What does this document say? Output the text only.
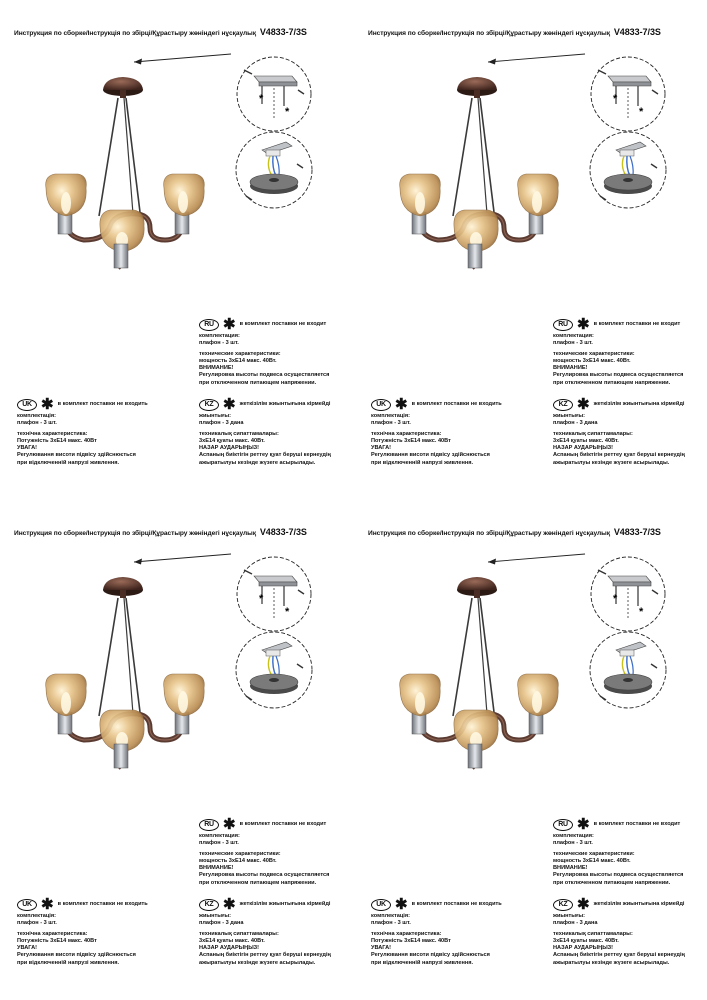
Инструкция по сборке/Інструкція по збірці/Құрастыру жөніндегі нұсқаулық V4833-7/3S
*
*
RU ✱ в комплект поставки не входит

комплектация:

плафон - 3 шт.

технические характеристики:

мощность 3хЕ14 макс. 40Вт.

ВНИМАНИЕ!

Регулировка высоты подвеса осуществляется

при отключенном питающем напряжении.

UK ✱ в комплект поставки не входить

комплектація:

плафон - 3 шт.

технічна характеристика:

Потужність 3хЕ14 макс. 40Вт

УВАГА!

Регулювання висоти підвісу здійснюється

при відключенній напрузі живлення.

KZ ✱ жеткізілім жиынтығына кірмейді

жиынтығы:

плафон - 3 дана

техникалық сипаттамалары:

3хЕ14 қуаты макс. 40Вт.

НАЗАР АУДАРЫҢЫЗ!

Аспаның биіктігін реттеу қуат беруші кернеудің

ажыратылуы кезінде жүзеге асырылады.

Инструкция по сборке/Інструкція по збірці/Құрастыру жөніндегі нұсқаулық V4833-7/3S
*
*
RU ✱ в комплект поставки не входит

комплектация:

плафон - 3 шт.

технические характеристики:

мощность 3хЕ14 макс. 40Вт.

ВНИМАНИЕ!

Регулировка высоты подвеса осуществляется

при отключенном питающем напряжении.

UK ✱ в комплект поставки не входить

комплектація:

плафон - 3 шт.

технічна характеристика:

Потужність 3хЕ14 макс. 40Вт

УВАГА!

Регулювання висоти підвісу здійснюється

при відключенній напрузі живлення.

KZ ✱ жеткізілім жиынтығына кірмейді

жиынтығы:

плафон - 3 дана

техникалық сипаттамалары:

3хЕ14 қуаты макс. 40Вт.

НАЗАР АУДАРЫҢЫЗ!

Аспаның биіктігін реттеу қуат беруші кернеудің

ажыратылуы кезінде жүзеге асырылады.

Инструкция по сборке/Інструкція по збірці/Құрастыру жөніндегі нұсқаулық V4833-7/3S
*
*
RU ✱ в комплект поставки не входит

комплектация:

плафон - 3 шт.

технические характеристики:

мощность 3хЕ14 макс. 40Вт.

ВНИМАНИЕ!

Регулировка высоты подвеса осуществляется

при отключенном питающем напряжении.

UK ✱ в комплект поставки не входить

комплектація:

плафон - 3 шт.

технічна характеристика:

Потужність 3хЕ14 макс. 40Вт

УВАГА!

Регулювання висоти підвісу здійснюється

при відключенній напрузі живлення.

KZ ✱ жеткізілім жиынтығына кірмейді

жиынтығы:

плафон - 3 дана

техникалық сипаттамалары:

3хЕ14 қуаты макс. 40Вт.

НАЗАР АУДАРЫҢЫЗ!

Аспаның биіктігін реттеу қуат беруші кернеудің

ажыратылуы кезінде жүзеге асырылады.

Инструкция по сборке/Інструкція по збірці/Құрастыру жөніндегі нұсқаулық V4833-7/3S
*
*
RU ✱ в комплект поставки не входит

комплектация:

плафон - 3 шт.

технические характеристики:

мощность 3хЕ14 макс. 40Вт.

ВНИМАНИЕ!

Регулировка высоты подвеса осуществляется

при отключенном питающем напряжении.

UK ✱ в комплект поставки не входить

комплектація:

плафон - 3 шт.

технічна характеристика:

Потужність 3хЕ14 макс. 40Вт

УВАГА!

Регулювання висоти підвісу здійснюється

при відключенній напрузі живлення.

KZ ✱ жеткізілім жиынтығына кірмейді

жиынтығы:

плафон - 3 дана

техникалық сипаттамалары:

3хЕ14 қуаты макс. 40Вт.

НАЗАР АУДАРЫҢЫЗ!

Аспаның биіктігін реттеу қуат беруші кернеудің

ажыратылуы кезінде жүзеге асырылады.
